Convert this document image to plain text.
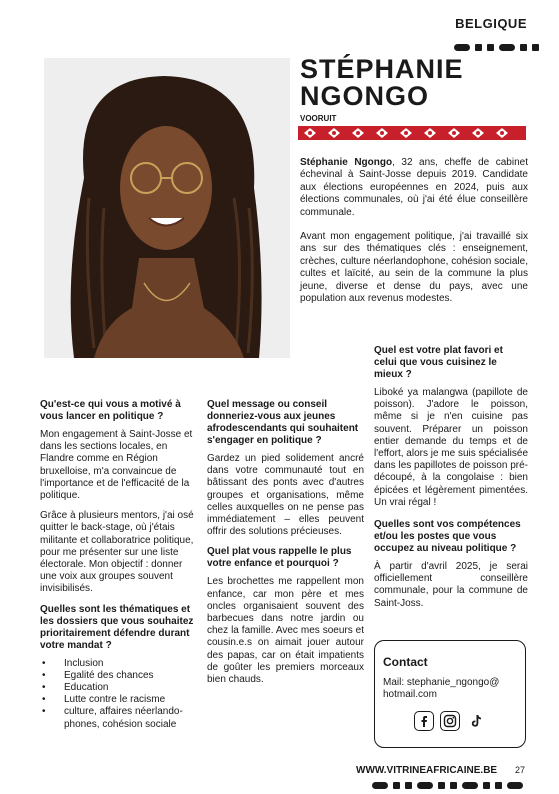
BELGIQUE
STÉPHANIE
NGONGO
VOORUIT

Stéphanie Ngongo, 32 ans, cheffe de cabinet échevinal à Saint-Josse depuis 2019. Candidate aux élections européennes en 2024, puis aux élections communales, où j'ai été élue conseillère communale.

Avant mon engagement politique, j'ai travaillé six ans sur des thématiques clés : enseignement, crèches, culture néerlandophone, cohésion sociale, cultes et laïcité, au sein de la commune la plus jeune, diverse et dense du pays, avec une population aux revenus modestes.

Qu'est-ce qui vous a motivé à vous lancer en politique ?

Mon engagement à Saint-Josse et dans les sections locales, en Flandre comme en Région bruxelloise, m'a convaincue de l'importance et de l'efficacité de la politique.

Grâce à plusieurs mentors, j'ai osé quitter le back-stage, où j'étais militante et collaboratrice politique, pour me présenter sur une liste électorale. Mon objectif : donner une voix aux groupes souvent invisibilisés.

Quelles sont les thématiques et les dossiers que vous souhaitez prioritairement défendre durant votre mandat ?
• Inclusion
• Egalité des chances
• Education
• Lutte contre le racisme
• culture, affaires néerlando-phones, cohésion sociale
Quel message ou conseil donneriez-vous aux jeunes afrodescendants qui souhaitent s'engager en politique ?

Gardez un pied solidement ancré dans votre communauté tout en bâtissant des ponts avec d'autres groupes et organisations, même celles auxquelles on ne pense pas immédiatement – elles peuvent offrir des solutions précieuses.

Quel plat vous rappelle le plus votre enfance et pourquoi ?

Les brochettes me rappellent mon enfance, car mon père et mes oncles organisaient souvent des barbecues dans notre jardin ou chez la famille. Avec mes soeurs et cousin.e.s on aimait jouer autour des papas, car on était impatients de goûter les premiers morceaux bien chauds.

Quel est votre plat favori et celui que vous cuisinez le mieux ?

Liboké ya malangwa (papillote de poisson). J'adore le poisson, même si je n'en cuisine pas souvent. Préparer un poisson entier demande du temps et de l'effort, alors je me suis spécialisée dans les papillotes de poisson pré-découpé, à la congolaise : bien épicées et légèrement pimentées. Un vrai régal !

Quelles sont vos compétences et/ou les postes que vous occupez au niveau politique ?

À partir d'avril 2025, je serai officiellement conseillère communale, pour la commune de Saint-Joss.

Contact
Mail: stephanie_ngongo@ hotmail.com
WWW.VITRINEAFRICAINE.BE 27
